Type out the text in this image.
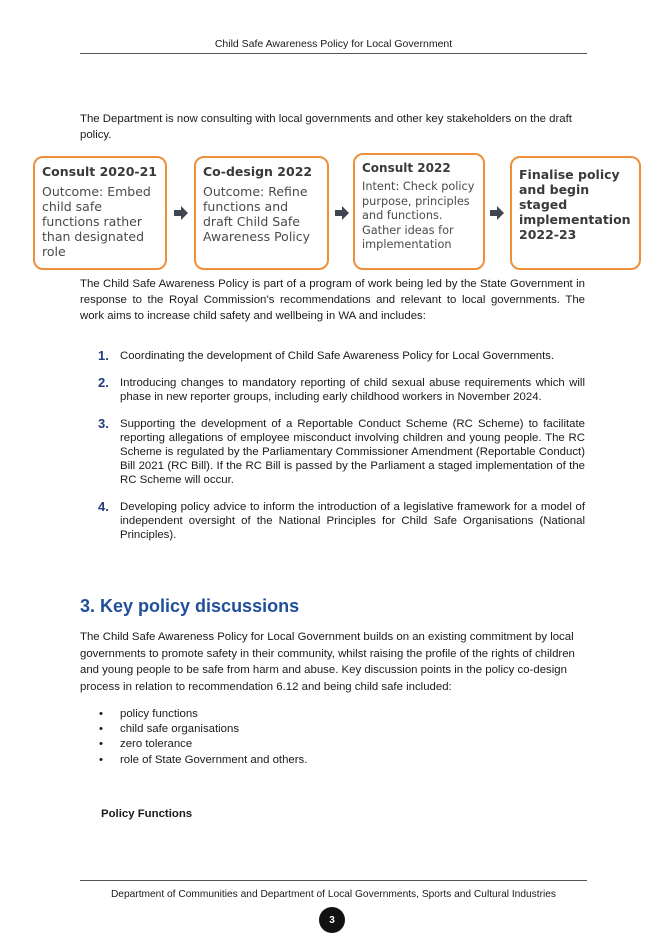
Child Safe Awareness Policy for Local Government

The Department is now consulting with local governments and other key stakeholders on the draft policy.

Consult 2020-21
Outcome: Embed child safe functions rather than designated role
Co-design 2022
Outcome: Refine functions and draft Child Safe Awareness Policy
Consult 2022
Intent: Check policy purpose, principles and functions. Gather ideas for implementation
Finalise policy and begin staged implementation 2022-23

The Child Safe Awareness Policy is part of a program of work being led by the State Government in response to the Royal Commission’s recommendations and relevant to local governments. The work aims to increase child safety and wellbeing in WA and includes:

1. Coordinating the development of Child Safe Awareness Policy for Local Governments.
2. Introducing changes to mandatory reporting of child sexual abuse requirements which will phase in new reporter groups, including early childhood workers in November 2024.
3. Supporting the development of a Reportable Conduct Scheme (RC Scheme) to facilitate reporting allegations of employee misconduct involving children and young people. The RC Scheme is regulated by the Parliamentary Commissioner Amendment (Reportable Conduct) Bill 2021 (RC Bill). If the RC Bill is passed by the Parliament a staged implementation of the RC Scheme will occur.
4. Developing policy advice to inform the introduction of a legislative framework for a model of independent oversight of the National Principles for Child Safe Organisations (National Principles).
3. Key policy discussions

The Child Safe Awareness Policy for Local Government builds on an existing commitment by local governments to promote safety in their community, whilst raising the profile of the rights of children and young people to be safe from harm and abuse. Key discussion points in the policy co-design process in relation to recommendation 6.12 and being child safe included:

• policy functions
• child safe organisations
• zero tolerance
• role of State Government and others.
Policy Functions
Department of Communities and Department of Local Governments, Sports and Cultural Industries
3
